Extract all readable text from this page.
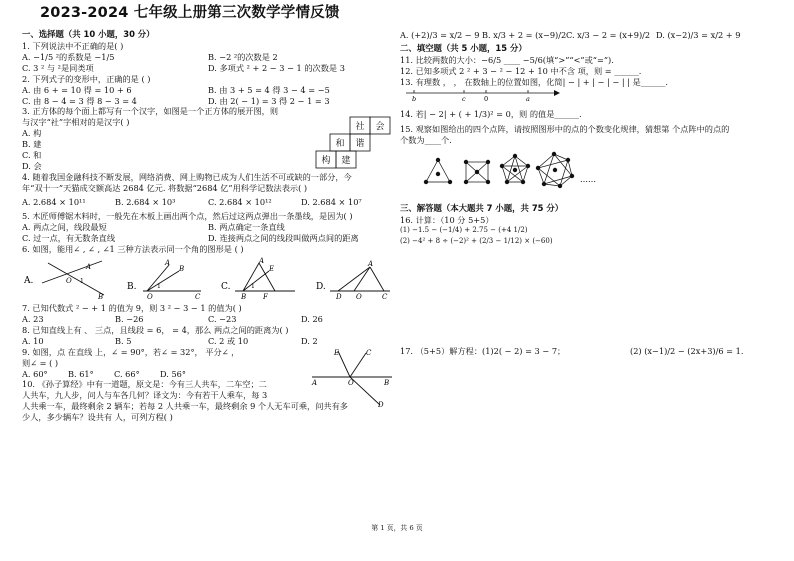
2023-2024 七年级上册第三次数学学情反馈
一、选择题（共 10 小题，30 分）
1. 下列说法中不正确的是( )
A. −1/5 ²的系数是 −1/5	B. −2 ²的次数是 2
C. 3 ² 与 ²是同类项	D. 多项式 ² + 2 − 3 − 1 的次数是 3
2. 下列式子的变形中，正确的是 ( )
A. 由 6 + = 10 得 = 10 + 6	B. 由 3 + 5 = 4 得 3 − 4 = −5
C. 由 8 − 4 = 3 得 8 − 3 = 4	D. 由 2( − 1) = 3 得 2 − 1 = 3
3. 正方体的每个面上都写有一个汉字，如图是一个正方体的展开图，则
与汉字“社”字相对的是汉字( )
A. 构
B. 建
C. 和
D. 会
社 会
和 谐
构 建
4. 随着我国金融科技不断发展，网络消费、网上购物已成为人们生活不可或缺的一部分，今
年“双十一”天猫成交额高达 2684 亿元. 将数据“2684 亿”用科学记数法表示( )
A. 2.684 × 10¹¹	B. 2.684 × 10³	C. 2.684 × 10¹²	D. 2.684 × 10⁷
5. 木匠师傅锯木料时，一般先在木板上画出两个点，然后过这两点弹出一条墨线，是因为( )
A. 两点之间，线段最短	B. 两点确定一条直线
C. 过一点，有无数条直线	D. 连接两点之间的线段叫做两点间的距离
6. 如图，能用∠ , ∠ , ∠1 三种方法表示同一个角的图形是 ( )
A.
A
O 1
B
B.
B
A
O	C
1	C.
A
E
B F
1	D.
A
O
D	C
7. 已知代数式 ² − + 1 的值为 9，则 3 ² − 3 − 1 的值为( )
A. 23	B. −26	C. −23	D. 26
8. 已知直线上有 、 三点，且线段 = 6， = 4，那么 两点之间的距离为( )
A. 10	B. 5	C. 2 或 10	D. 2
9. 如图，点 在直线 上，∠ = 90°，若∠ = 32°， 平分∠ ，
则∠ = ( )
A. 60°	B. 61°	C. 66°	D. 56°
E	C
A	O	B
D
10. 《孙子算经》中有一道题，原文是：今有三人共车，二车空；二
人共车，九人步，问人与车各几何？译文为：今有若干人乘车，每 3
人共乘一车，最终剩余 2 辆车；若每 2 人共乘一车，最终剩余 9 个人无车可乘，问共有多
少人，多少辆车？设共有 人，可列方程( )
A. (+2)/3 = x/2 − 9 B. x/3 + 2 = (x−9)/2 C. x/3 − 2 = (x+9)/2 D. (x−2)/3 = x/2 + 9
二、填空题（共 5 小题，15 分）
11. 比较两数的大小：−6/5 ____ −5/6(填“>”“<”或“=”).
12. 已知多项式 2 ² + 3 − ² − 12 + 10 中不含 项，则 = ______.
13. 有理数 ， ， 在数轴上的位置如图，化简| − | + | − | − | | 是______.
b	c	0	a
14. 若| − 2| + ( + 1/3)² = 0，则 的值是______.
15. 观察如图给出的四个点阵，请按照图形中的点的个数变化规律，猜想第 个点阵中的点的
个数为____个.
……
三、解答题（本大题共 7 小题，共 75 分）
16. 计算：（10 分 5+5）
(1) −1.5 − (−1/4) + 2.75 − (+4 1/2)
(2) −4² + 8 ÷ (−2)² + (2/3 − 1/12) × (−60)
17. （5+5）解方程：(1)2( − 2) = 3 − 7；	(2) (x−1)/2 − (2x+3)/6 = 1.
第 1 页，共 6 页
